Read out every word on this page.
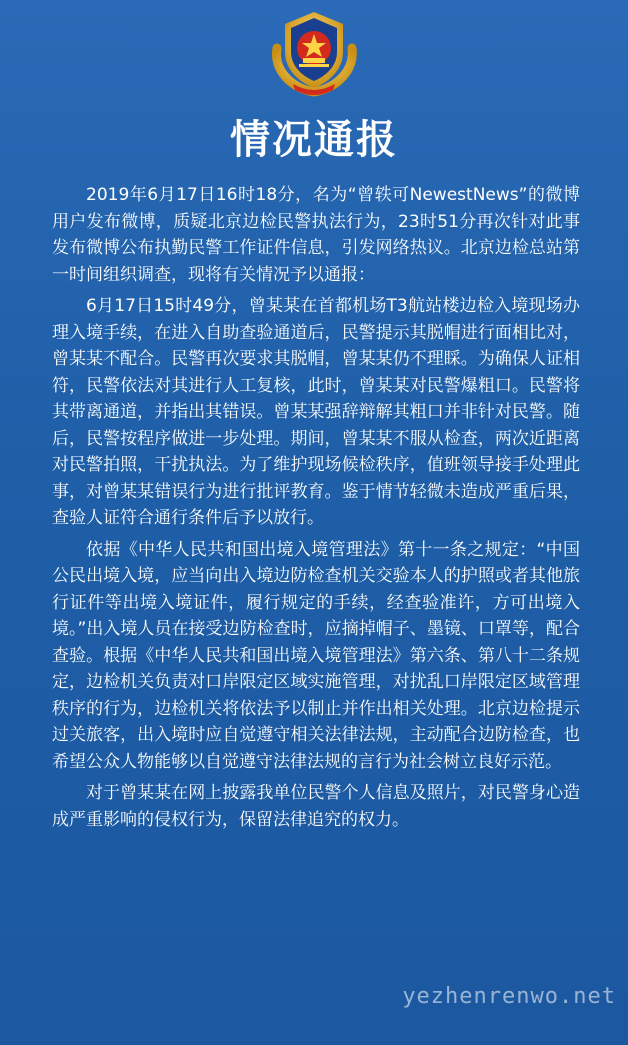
情况通报

2019年6月17日16时18分，名为“曾轶可NewestNews”的微博用户发布微博，质疑北京边检民警执法行为，23时51分再次针对此事发布微博公布执勤民警工作证件信息，引发网络热议。北京边检总站第一时间组织调查，现将有关情况予以通报：

6月17日15时49分，曾某某在首都机场T3航站楼边检入境现场办理入境手续，在进入自助查验通道后，民警提示其脱帽进行面相比对，曾某某不配合。民警再次要求其脱帽，曾某某仍不理睬。为确保人证相符，民警依法对其进行人工复核，此时，曾某某对民警爆粗口。民警将其带离通道，并指出其错误。曾某某强辞辩解其粗口并非针对民警。随后，民警按程序做进一步处理。期间，曾某某不服从检查，两次近距离对民警拍照，干扰执法。为了维护现场候检秩序，值班领导接手处理此事，对曾某某错误行为进行批评教育。鉴于情节轻微未造成严重后果，查验人证符合通行条件后予以放行。

依据《中华人民共和国出境入境管理法》第十一条之规定：“中国公民出境入境，应当向出入境边防检查机关交验本人的护照或者其他旅行证件等出境入境证件，履行规定的手续，经查验准许，方可出境入境。”出入境人员在接受边防检查时，应摘掉帽子、墨镜、口罩等，配合查验。根据《中华人民共和国出境入境管理法》第六条、第八十二条规定，边检机关负责对口岸限定区域实施管理，对扰乱口岸限定区域管理秩序的行为，边检机关将依法予以制止并作出相关处理。北京边检提示过关旅客，出入境时应自觉遵守相关法律法规，主动配合边防检查，也希望公众人物能够以自觉遵守法律法规的言行为社会树立良好示范。

对于曾某某在网上披露我单位民警个人信息及照片，对民警身心造成严重影响的侵权行为，保留法律追究的权力。

yezhenrenwo.net
